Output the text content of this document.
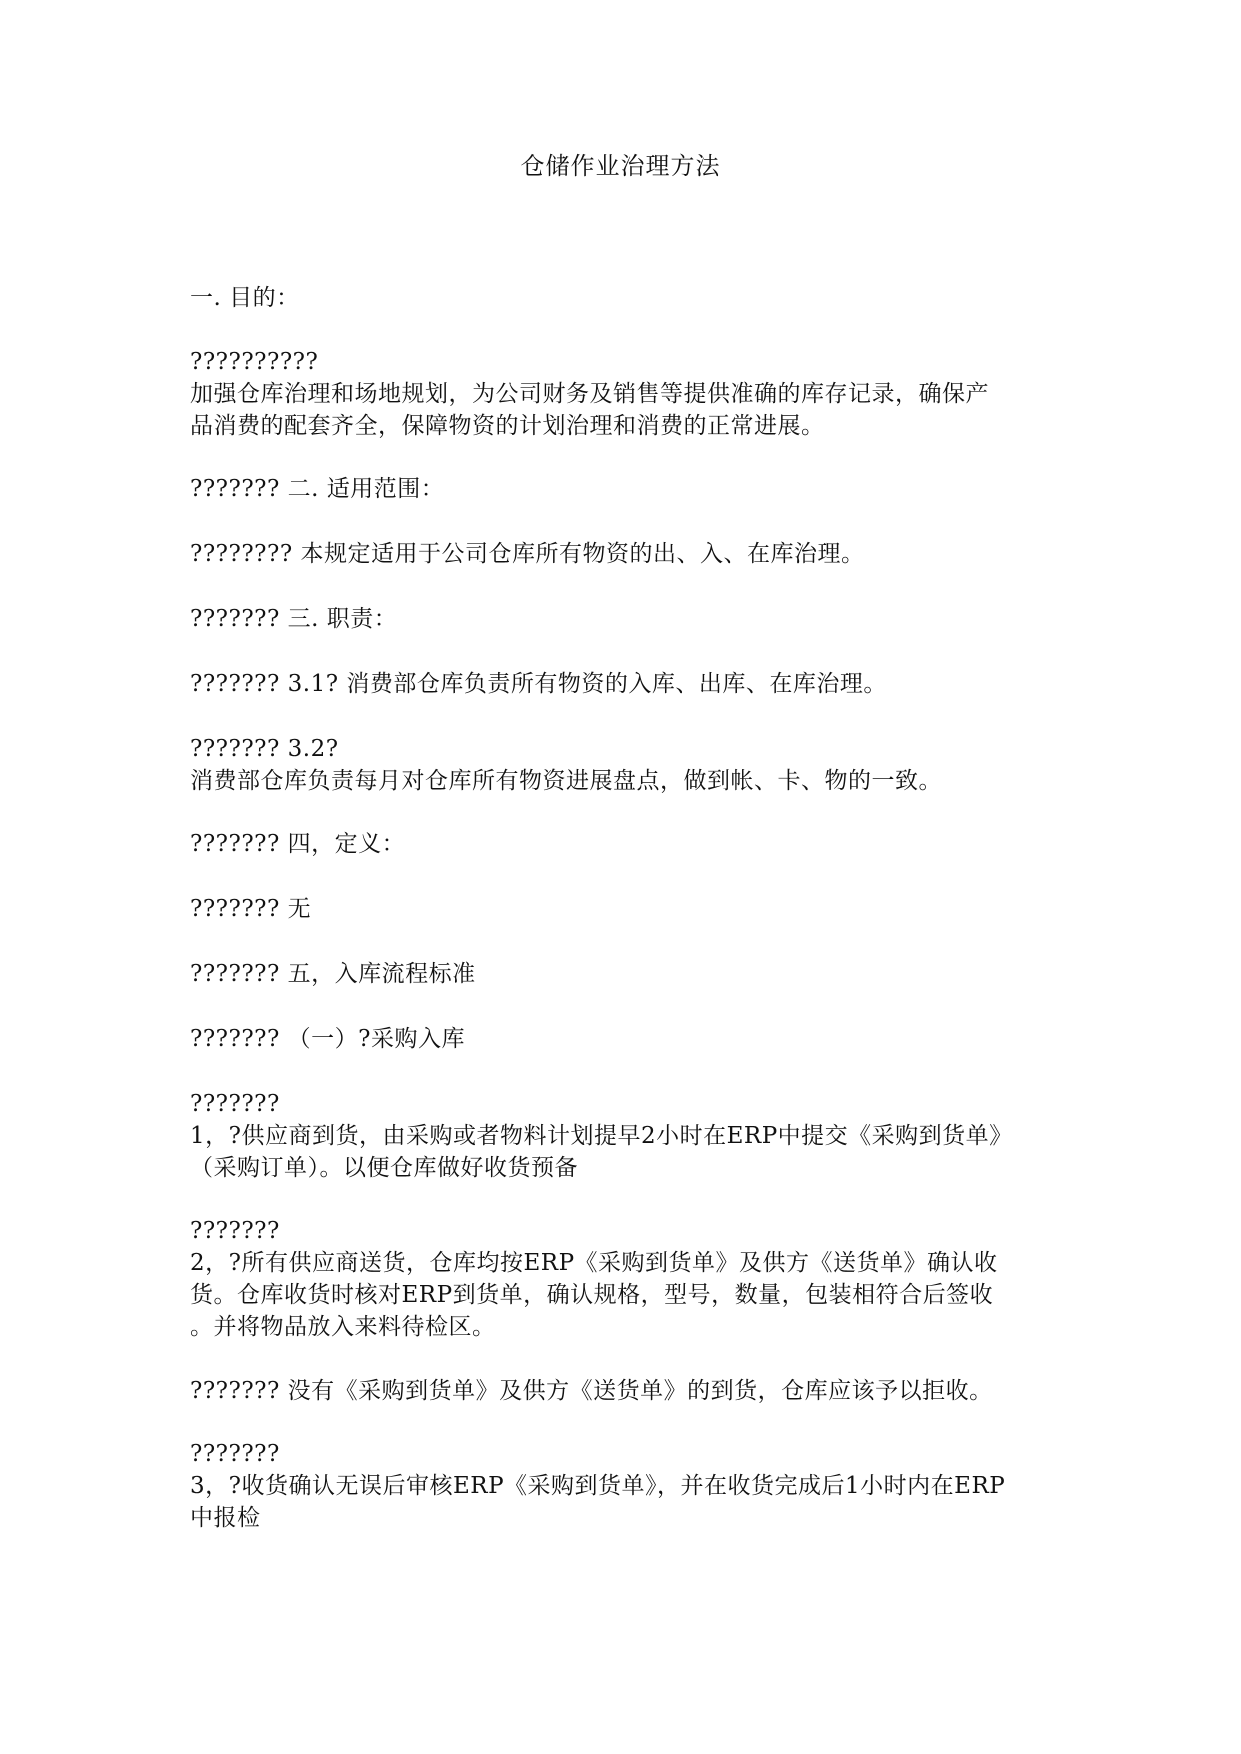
仓储作业治理方法

一. 目的：

??????????
加强仓库治理和场地规划，为公司财务及销售等提供准确的库存记录，确保产
品消费的配套齐全，保障物资的计划治理和消费的正常进展。

??????? 二. 适用范围：

???????? 本规定适用于公司仓库所有物资的出、入、在库治理。

??????? 三. 职责：

??????? 3.1? 消费部仓库负责所有物资的入库、出库、在库治理。

??????? 3.2?
消费部仓库负责每月对仓库所有物资进展盘点，做到帐、卡、物的一致。

??????? 四，定义：

??????? 无

??????? 五，入库流程标准

??????? （一）?采购入库

???????
1，?供应商到货，由采购或者物料计划提早2小时在ERP中提交《采购到货单》
（采购订单）。以便仓库做好收货预备

???????
2，?所有供应商送货，仓库均按ERP《采购到货单》及供方《送货单》确认收
货。仓库收货时核对ERP到货单，确认规格，型号，数量，包装相符合后签收
。并将物品放入来料待检区。

??????? 没有《采购到货单》及供方《送货单》的到货，仓库应该予以拒收。

???????
3，?收货确认无误后审核ERP《采购到货单》，并在收货完成后1小时内在ERP
中报检
